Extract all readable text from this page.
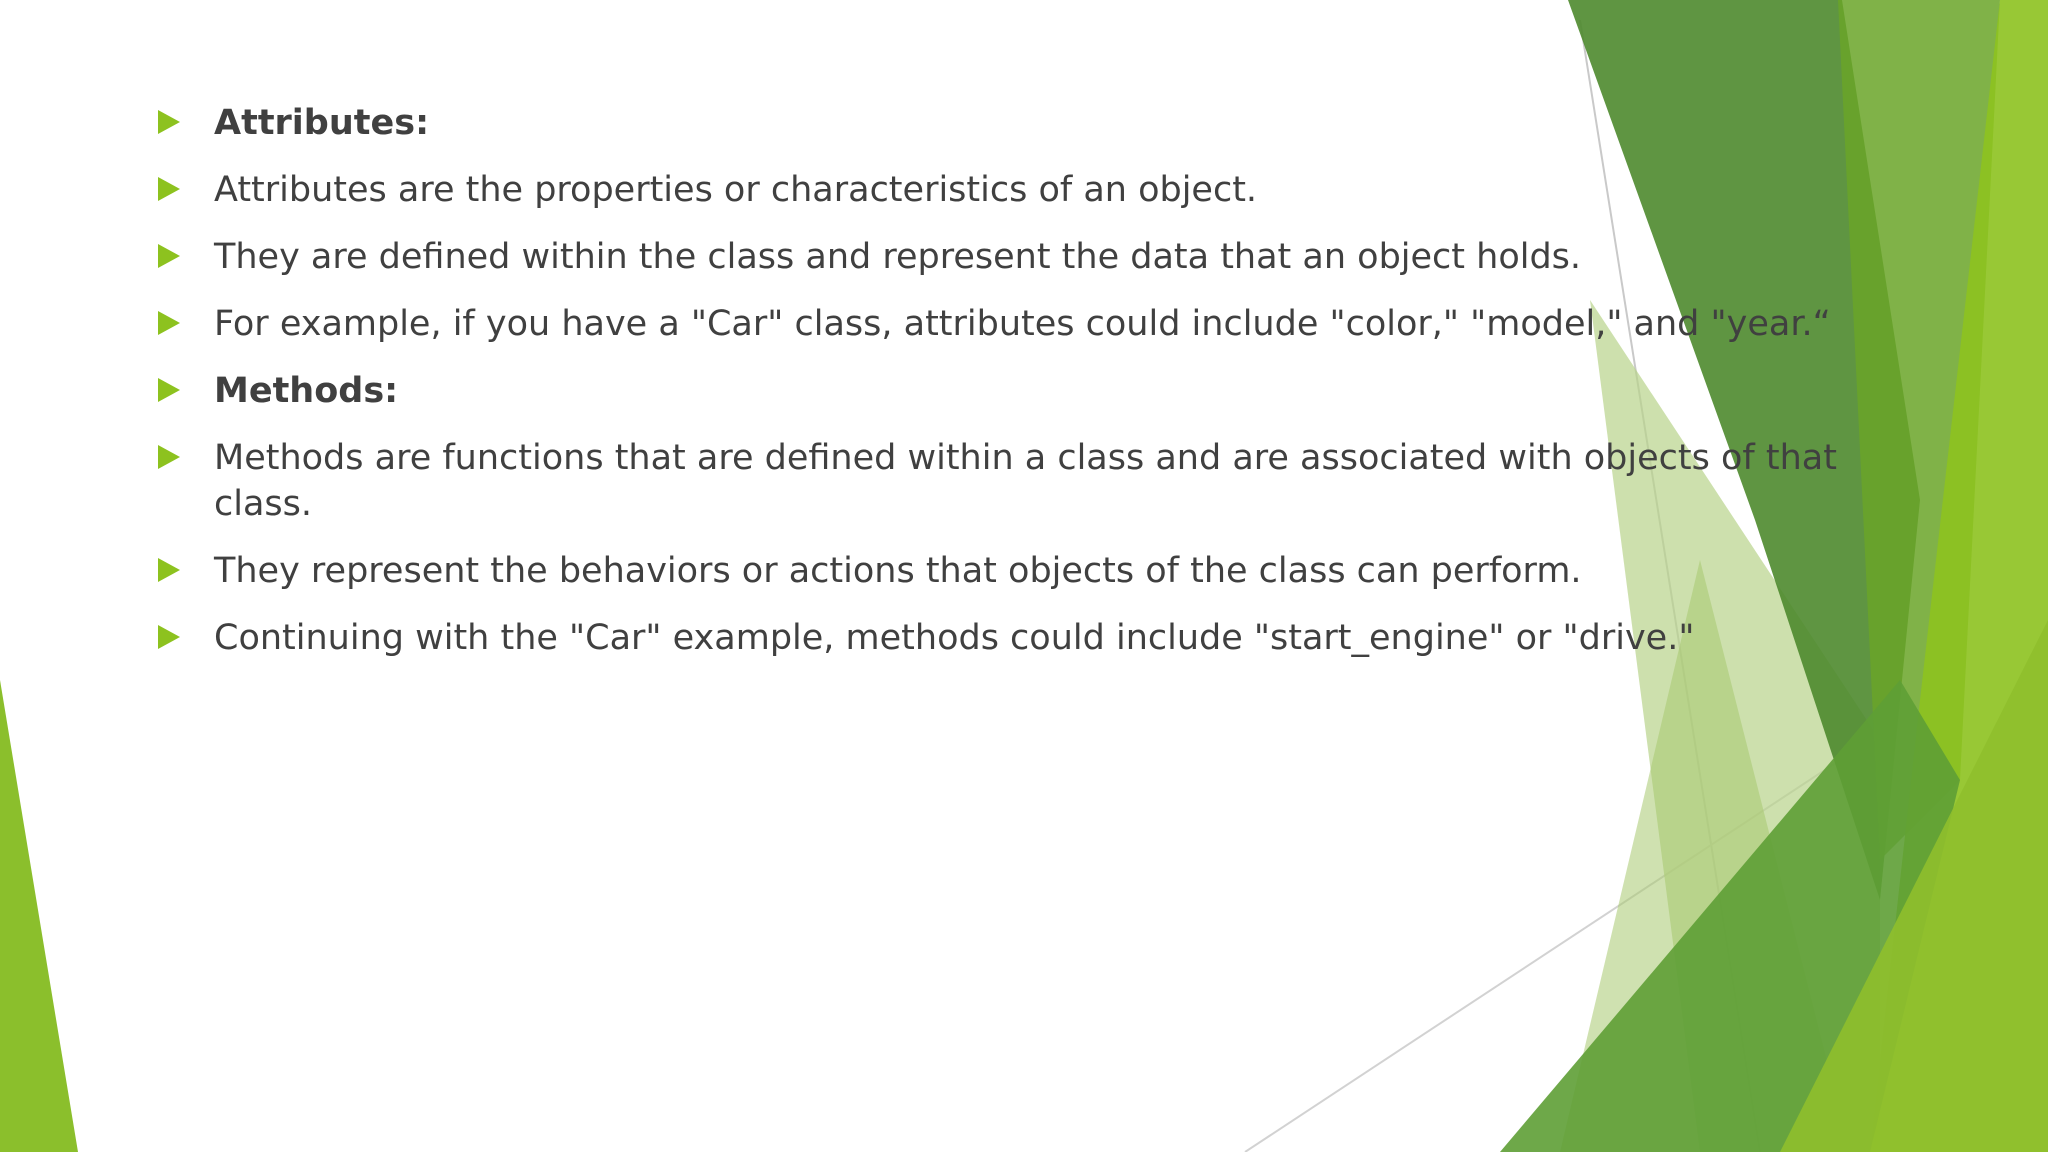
Attributes:
Attributes are the properties or characteristics of an object.
They are defined within the class and represent the data that an object holds.
For example, if you have a "Car" class, attributes could include "color," "model," and "year.“
Methods:
Methods are functions that are defined within a class and are associated with objects of that class.
They represent the behaviors or actions that objects of the class can perform.
Continuing with the "Car" example, methods could include "start_engine" or "drive."
